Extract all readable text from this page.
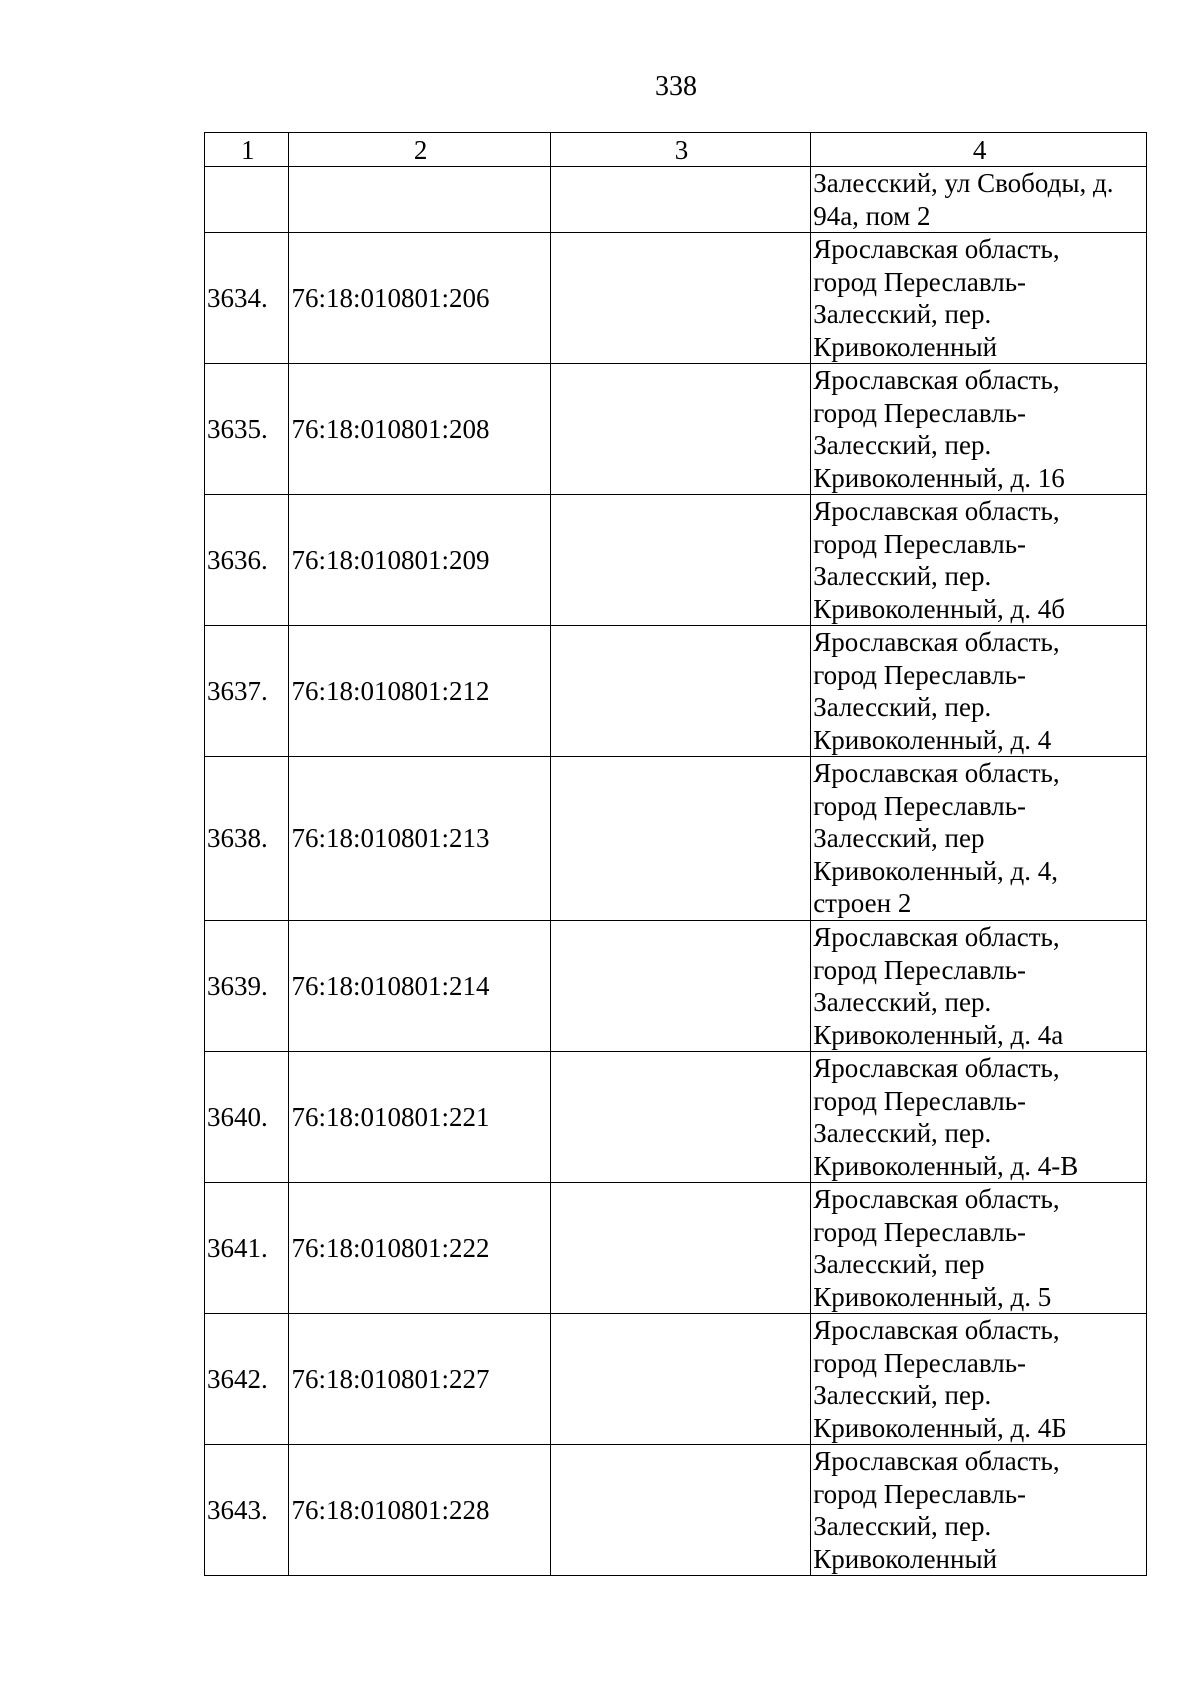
338
1	2	3	4

			Залесский, ул Свободы, д.
94а, пом 2

3634.	76:18:010801:206		Ярославская область,
город Переславль-
Залесский, пер.
Кривоколенный

3635.	76:18:010801:208		Ярославская область,
город Переславль-
Залесский, пер.
Кривоколенный, д. 16

3636.	76:18:010801:209		Ярославская область,
город Переславль-
Залесский, пер.
Кривоколенный, д. 4б

3637.	76:18:010801:212		Ярославская область,
город Переславль-
Залесский, пер.
Кривоколенный, д. 4

3638.	76:18:010801:213		Ярославская область,
город Переславль-
Залесский, пер
Кривоколенный, д. 4,
строен 2

3639.	76:18:010801:214		Ярославская область,
город Переславль-
Залесский, пер.
Кривоколенный, д. 4а

3640.	76:18:010801:221		Ярославская область,
город Переславль-
Залесский, пер.
Кривоколенный, д. 4-В

3641.	76:18:010801:222		Ярославская область,
город Переславль-
Залесский, пер
Кривоколенный, д. 5

3642.	76:18:010801:227		Ярославская область,
город Переславль-
Залесский, пер.
Кривоколенный, д. 4Б

3643.	76:18:010801:228		Ярославская область,
город Переславль-
Залесский, пер.
Кривоколенный
